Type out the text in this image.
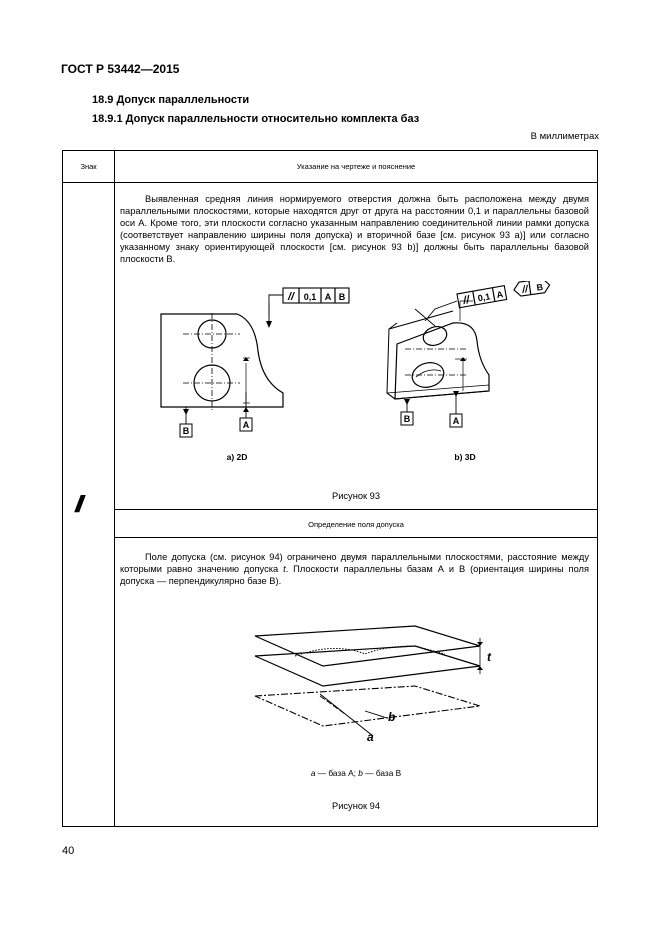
ГОСТ Р 53442—2015
18.9 Допуск параллельности
18.9.1 Допуск параллельности относительно комплекта баз
В миллиметрах
Знак	Указание на чертеже и пояснение
//
Выявленная средняя линия нормируемого отверстия должна быть расположена между двумя параллельными плоскостями, которые находятся друг от друга на расстоянии 0,1 и параллельны базовой оси А. Кроме того, эти плоскости согласно указанным направлению соединительной линии рамки допуска (соответствует направлению ширины поля допуска) и вторичной базе [см. рисунок 93 а)] или согласно указанному знаку ориентирующей плоскости [см. рисунок 93 b)] должны быть параллельны базовой плоскости В.
// 0,1 A B
A
B
a) 2D
// 0,1 A // B
B	A
b) 3D
Рисунок 93
Определение поля допуска
Поле допуска (см. рисунок 94) ограничено двумя параллельными плоскостями, расстояние между которыми равно значению допуска t. Плоскости параллельны базам А и В (ориентация ширины поля допуска — перпендикулярно базе В).
t
a
b
a — база А; b — база В
Рисунок 94
40
